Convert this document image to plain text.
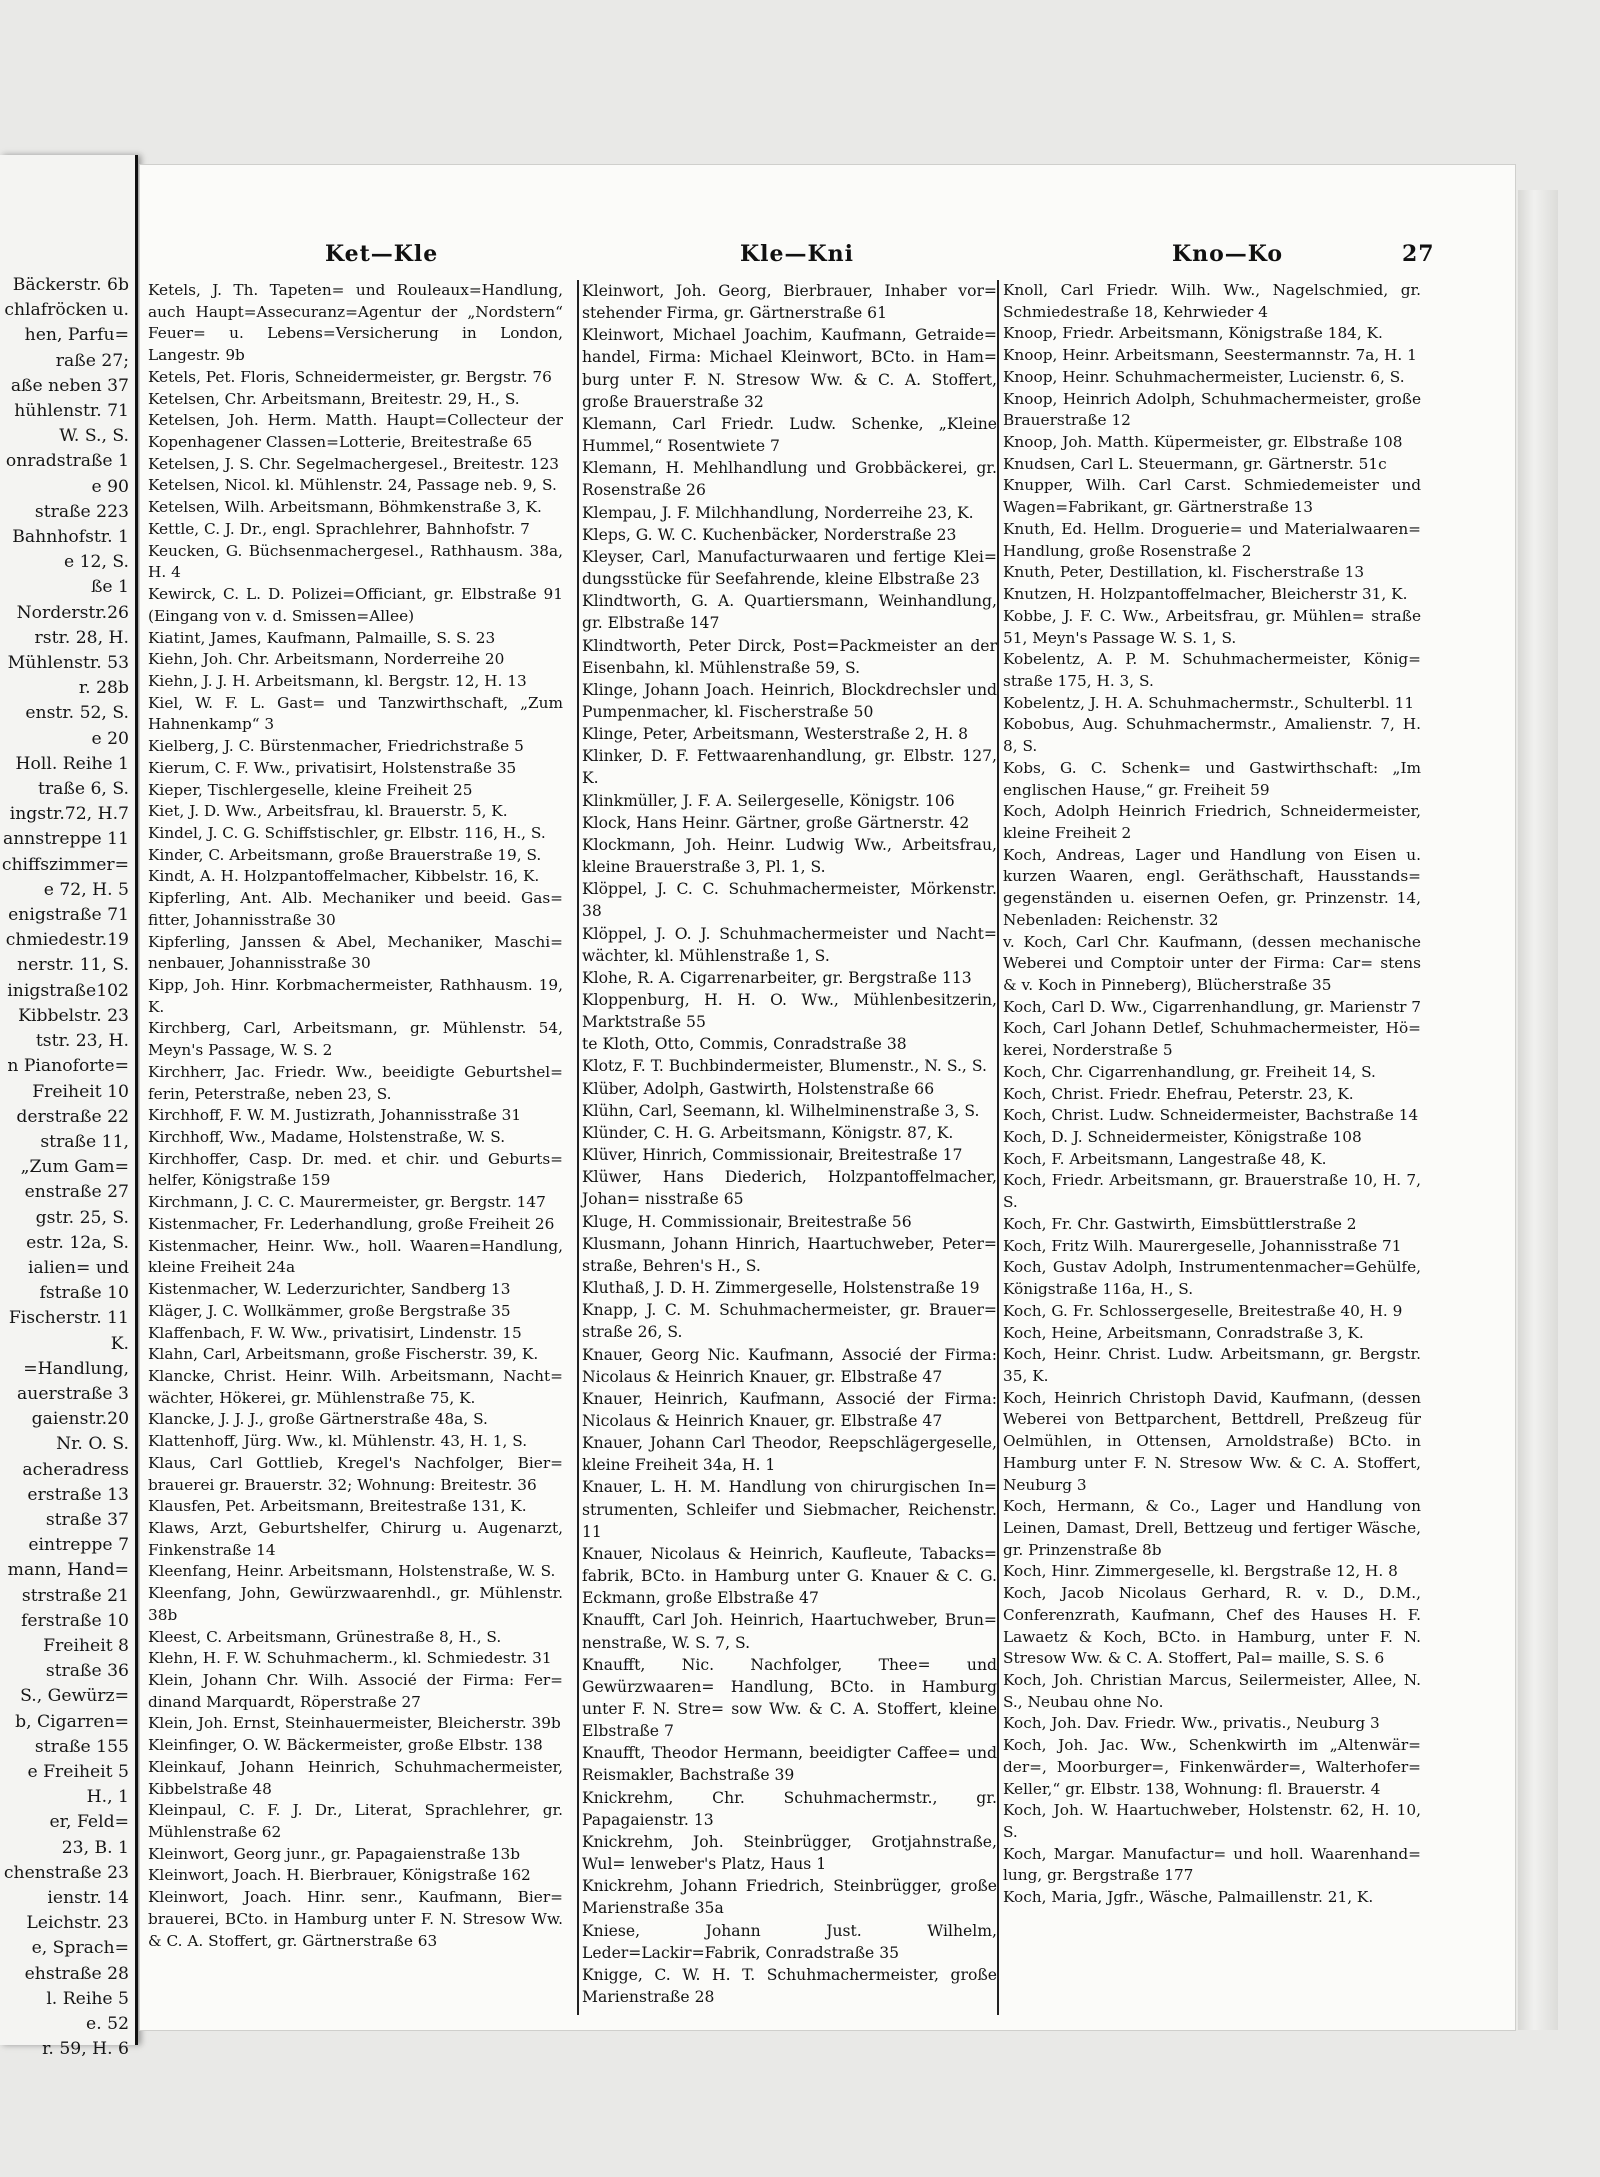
Bäckerstr. 6b
chlafröcken u.
hen, Parfu=
raße 27;
aße neben 37
hühlenstr. 71
W. S., S.
onradstraße 1
e 90
straße 223
Bahnhofstr. 1
e 12, S.
ße 1
Norderstr.26
rstr. 28, H.
Mühlenstr. 53
r. 28b
enstr. 52, S.
e 20
Holl. Reihe 1
traße 6, S.
ingstr.72, H.7
annstreppe 11
chiffszimmer=
e 72, H. 5
enigstraße 71
chmiedestr.19
nerstr. 11, S.
inigstraße102
Kibbelstr. 23
tstr. 23, H.
n Pianoforte=
Freiheit 10
derstraße 22
straße 11,
„Zum Gam=
enstraße 27
gstr. 25, S.
estr. 12a, S.
ialien= und
fstraße 10
Fischerstr. 11
K.
=Handlung,
auerstraße 3
gaienstr.20
Nr. O. S.
acheradress
erstraße 13
straße 37
eintreppe 7
mann, Hand=
strstraße 21
ferstraße 10
Freiheit 8
straße 36
S., Gewürz=
b, Cigarren=
straße 155
e Freiheit 5
H., 1
er, Feld=
23, B. 1
chenstraße 23
ienstr. 14
Leichstr. 23
e, Sprach=
ehstraße 28
l. Reihe 5
e. 52
r. 59, H. 6
Ket—Kle	Kle—Kni	Kno—Ko	27

Ketels, J. Th. Tapeten= und Rouleaux=Handlung, auch Haupt=Assecuranz=Agentur der „Nordstern“ Feuer= u. Lebens=Versicherung in London, Langestr. 9b

Ketels, Pet. Floris, Schneidermeister, gr. Bergstr. 76

Ketelsen, Chr. Arbeitsmann, Breitestr. 29, H., S.

Ketelsen, Joh. Herm. Matth. Haupt=Collecteur der Kopenhagener Classen=Lotterie, Breitestraße 65

Ketelsen, J. S. Chr. Segelmachergesel., Breitestr. 123

Ketelsen, Nicol. kl. Mühlenstr. 24, Passage neb. 9, S.

Ketelsen, Wilh. Arbeitsmann, Böhmkenstraße 3, K.

Kettle, C. J. Dr., engl. Sprachlehrer, Bahnhofstr. 7

Keucken, G. Büchsenmachergesel., Rathhausm. 38a, H. 4

Kewirck, C. L. D. Polizei=Officiant, gr. Elbstraße 91 (Eingang von v. d. Smissen=Allee)

Kiatint, James, Kaufmann, Palmaille, S. S. 23

Kiehn, Joh. Chr. Arbeitsmann, Norderreihe 20

Kiehn, J. J. H. Arbeitsmann, kl. Bergstr. 12, H. 13

Kiel, W. F. L. Gast= und Tanzwirthschaft, „Zum Hahnenkamp“ 3

Kielberg, J. C. Bürstenmacher, Friedrichstraße 5

Kierum, C. F. Ww., privatisirt, Holstenstraße 35

Kieper, Tischlergeselle, kleine Freiheit 25

Kiet, J. D. Ww., Arbeitsfrau, kl. Brauerstr. 5, K.

Kindel, J. C. G. Schiffstischler, gr. Elbstr. 116, H., S.

Kinder, C. Arbeitsmann, große Brauerstraße 19, S.

Kindt, A. H. Holzpantoffelmacher, Kibbelstr. 16, K.

Kipferling, Ant. Alb. Mechaniker und beeid. Gas= fitter, Johannisstraße 30

Kipferling, Janssen & Abel, Mechaniker, Maschi= nenbauer, Johannisstraße 30

Kipp, Joh. Hinr. Korbmachermeister, Rathhausm. 19, K.

Kirchberg, Carl, Arbeitsmann, gr. Mühlenstr. 54, Meyn's Passage, W. S. 2

Kirchherr, Jac. Friedr. Ww., beeidigte Geburtshel= ferin, Peterstraße, neben 23, S.

Kirchhoff, F. W. M. Justizrath, Johannisstraße 31

Kirchhoff, Ww., Madame, Holstenstraße, W. S.

Kirchhoffer, Casp. Dr. med. et chir. und Geburts= helfer, Königstraße 159

Kirchmann, J. C. C. Maurermeister, gr. Bergstr. 147

Kistenmacher, Fr. Lederhandlung, große Freiheit 26

Kistenmacher, Heinr. Ww., holl. Waaren=Handlung, kleine Freiheit 24a

Kistenmacher, W. Lederzurichter, Sandberg 13

Kläger, J. C. Wollkämmer, große Bergstraße 35

Klaffenbach, F. W. Ww., privatisirt, Lindenstr. 15

Klahn, Carl, Arbeitsmann, große Fischerstr. 39, K.

Klancke, Christ. Heinr. Wilh. Arbeitsmann, Nacht= wächter, Hökerei, gr. Mühlenstraße 75, K.

Klancke, J. J. J., große Gärtnerstraße 48a, S.

Klattenhoff, Jürg. Ww., kl. Mühlenstr. 43, H. 1, S.

Klaus, Carl Gottlieb, Kregel's Nachfolger, Bier= brauerei gr. Brauerstr. 32; Wohnung: Breitestr. 36

Klausfen, Pet. Arbeitsmann, Breitestraße 131, K.

Klaws, Arzt, Geburtshelfer, Chirurg u. Augenarzt, Finkenstraße 14

Kleenfang, Heinr. Arbeitsmann, Holstenstraße, W. S.

Kleenfang, John, Gewürzwaarenhdl., gr. Mühlenstr. 38b

Kleest, C. Arbeitsmann, Grünestraße 8, H., S.

Klehn, H. F. W. Schuhmacherm., kl. Schmiedestr. 31

Klein, Johann Chr. Wilh. Associé der Firma: Fer= dinand Marquardt, Röperstraße 27

Klein, Joh. Ernst, Steinhauermeister, Bleicherstr. 39b

Kleinfinger, O. W. Bäckermeister, große Elbstr. 138

Kleinkauf, Johann Heinrich, Schuhmachermeister, Kibbelstraße 48

Kleinpaul, C. F. J. Dr., Literat, Sprachlehrer, gr. Mühlenstraße 62

Kleinwort, Georg junr., gr. Papagaienstraße 13b

Kleinwort, Joach. H. Bierbrauer, Königstraße 162

Kleinwort, Joach. Hinr. senr., Kaufmann, Bier= brauerei, BCto. in Hamburg unter F. N. Stresow Ww. & C. A. Stoffert, gr. Gärtnerstraße 63

Kleinwort, Joh. Georg, Bierbrauer, Inhaber vor= stehender Firma, gr. Gärtnerstraße 61

Kleinwort, Michael Joachim, Kaufmann, Getraide= handel, Firma: Michael Kleinwort, BCto. in Ham= burg unter F. N. Stresow Ww. & C. A. Stoffert, große Brauerstraße 32

Klemann, Carl Friedr. Ludw. Schenke, „Kleine Hummel,“ Rosentwiete 7

Klemann, H. Mehlhandlung und Grobbäckerei, gr. Rosenstraße 26

Klempau, J. F. Milchhandlung, Norderreihe 23, K.

Kleps, G. W. C. Kuchenbäcker, Norderstraße 23

Kleyser, Carl, Manufacturwaaren und fertige Klei= dungsstücke für Seefahrende, kleine Elbstraße 23

Klindtworth, G. A. Quartiersmann, Weinhandlung, gr. Elbstraße 147

Klindtworth, Peter Dirck, Post=Packmeister an der Eisenbahn, kl. Mühlenstraße 59, S.

Klinge, Johann Joach. Heinrich, Blockdrechsler und Pumpenmacher, kl. Fischerstraße 50

Klinge, Peter, Arbeitsmann, Westerstraße 2, H. 8

Klinker, D. F. Fettwaarenhandlung, gr. Elbstr. 127, K.

Klinkmüller, J. F. A. Seilergeselle, Königstr. 106

Klock, Hans Heinr. Gärtner, große Gärtnerstr. 42

Klockmann, Joh. Heinr. Ludwig Ww., Arbeitsfrau, kleine Brauerstraße 3, Pl. 1, S.

Klöppel, J. C. C. Schuhmachermeister, Mörkenstr. 38

Klöppel, J. O. J. Schuhmachermeister und Nacht= wächter, kl. Mühlenstraße 1, S.

Klohe, R. A. Cigarrenarbeiter, gr. Bergstraße 113

Kloppenburg, H. H. O. Ww., Mühlenbesitzerin, Marktstraße 55

te Kloth, Otto, Commis, Conradstraße 38

Klotz, F. T. Buchbindermeister, Blumenstr., N. S., S.

Klüber, Adolph, Gastwirth, Holstenstraße 66

Klühn, Carl, Seemann, kl. Wilhelminenstraße 3, S.

Klünder, C. H. G. Arbeitsmann, Königstr. 87, K.

Klüver, Hinrich, Commissionair, Breitestraße 17

Klüwer, Hans Diederich, Holzpantoffelmacher, Johan= nisstraße 65

Kluge, H. Commissionair, Breitestraße 56

Klusmann, Johann Hinrich, Haartuchweber, Peter= straße, Behren's H., S.

Kluthaß, J. D. H. Zimmergeselle, Holstenstraße 19

Knapp, J. C. M. Schuhmachermeister, gr. Brauer= straße 26, S.

Knauer, Georg Nic. Kaufmann, Associé der Firma: Nicolaus & Heinrich Knauer, gr. Elbstraße 47

Knauer, Heinrich, Kaufmann, Associé der Firma: Nicolaus & Heinrich Knauer, gr. Elbstraße 47

Knauer, Johann Carl Theodor, Reepschlägergeselle, kleine Freiheit 34a, H. 1

Knauer, L. H. M. Handlung von chirurgischen In= strumenten, Schleifer und Siebmacher, Reichenstr. 11

Knauer, Nicolaus & Heinrich, Kaufleute, Tabacks= fabrik, BCto. in Hamburg unter G. Knauer & C. G. Eckmann, große Elbstraße 47

Knaufft, Carl Joh. Heinrich, Haartuchweber, Brun= nenstraße, W. S. 7, S.

Knaufft, Nic. Nachfolger, Thee= und Gewürzwaaren= Handlung, BCto. in Hamburg unter F. N. Stre= sow Ww. & C. A. Stoffert, kleine Elbstraße 7

Knaufft, Theodor Hermann, beeidigter Caffee= und Reismakler, Bachstraße 39

Knickrehm, Chr. Schuhmachermstr., gr. Papagaienstr. 13

Knickrehm, Joh. Steinbrügger, Grotjahnstraße, Wul= lenweber's Platz, Haus 1

Knickrehm, Johann Friedrich, Steinbrügger, große Marienstraße 35a

Kniese, Johann Just. Wilhelm, Leder=Lackir=Fabrik, Conradstraße 35

Knigge, C. W. H. T. Schuhmachermeister, große Marienstraße 28

Knoll, Carl Friedr. Wilh. Ww., Nagelschmied, gr. Schmiedestraße 18, Kehrwieder 4

Knoop, Friedr. Arbeitsmann, Königstraße 184, K.

Knoop, Heinr. Arbeitsmann, Seestermannstr. 7a, H. 1

Knoop, Heinr. Schuhmachermeister, Lucienstr. 6, S.

Knoop, Heinrich Adolph, Schuhmachermeister, große Brauerstraße 12

Knoop, Joh. Matth. Küpermeister, gr. Elbstraße 108

Knudsen, Carl L. Steuermann, gr. Gärtnerstr. 51c

Knupper, Wilh. Carl Carst. Schmiedemeister und Wagen=Fabrikant, gr. Gärtnerstraße 13

Knuth, Ed. Hellm. Droguerie= und Materialwaaren= Handlung, große Rosenstraße 2

Knuth, Peter, Destillation, kl. Fischerstraße 13

Knutzen, H. Holzpantoffelmacher, Bleicherstr 31, K.

Kobbe, J. F. C. Ww., Arbeitsfrau, gr. Mühlen= straße 51, Meyn's Passage W. S. 1, S.

Kobelentz, A. P. M. Schuhmachermeister, König= straße 175, H. 3, S.

Kobelentz, J. H. A. Schuhmachermstr., Schulterbl. 11

Kobobus, Aug. Schuhmachermstr., Amalienstr. 7, H. 8, S.

Kobs, G. C. Schenk= und Gastwirthschaft: „Im englischen Hause,“ gr. Freiheit 59

Koch, Adolph Heinrich Friedrich, Schneidermeister, kleine Freiheit 2

Koch, Andreas, Lager und Handlung von Eisen u. kurzen Waaren, engl. Geräthschaft, Hausstands= gegenständen u. eisernen Oefen, gr. Prinzenstr. 14, Nebenladen: Reichenstr. 32

v. Koch, Carl Chr. Kaufmann, (dessen mechanische Weberei und Comptoir unter der Firma: Car= stens & v. Koch in Pinneberg), Blücherstraße 35

Koch, Carl D. Ww., Cigarrenhandlung, gr. Marienstr 7

Koch, Carl Johann Detlef, Schuhmachermeister, Hö= kerei, Norderstraße 5

Koch, Chr. Cigarrenhandlung, gr. Freiheit 14, S.

Koch, Christ. Friedr. Ehefrau, Peterstr. 23, K.

Koch, Christ. Ludw. Schneidermeister, Bachstraße 14

Koch, D. J. Schneidermeister, Königstraße 108

Koch, F. Arbeitsmann, Langestraße 48, K.

Koch, Friedr. Arbeitsmann, gr. Brauerstraße 10, H. 7, S.

Koch, Fr. Chr. Gastwirth, Eimsbüttlerstraße 2

Koch, Fritz Wilh. Maurergeselle, Johannisstraße 71

Koch, Gustav Adolph, Instrumentenmacher=Gehülfe, Königstraße 116a, H., S.

Koch, G. Fr. Schlossergeselle, Breitestraße 40, H. 9

Koch, Heine, Arbeitsmann, Conradstraße 3, K.

Koch, Heinr. Christ. Ludw. Arbeitsmann, gr. Bergstr. 35, K.

Koch, Heinrich Christoph David, Kaufmann, (dessen Weberei von Bettparchent, Bettdrell, Preßzeug für Oelmühlen, in Ottensen, Arnoldstraße) BCto. in Hamburg unter F. N. Stresow Ww. & C. A. Stoffert, Neuburg 3

Koch, Hermann, & Co., Lager und Handlung von Leinen, Damast, Drell, Bettzeug und fertiger Wäsche, gr. Prinzenstraße 8b

Koch, Hinr. Zimmergeselle, kl. Bergstraße 12, H. 8

Koch, Jacob Nicolaus Gerhard, R. v. D., D.M., Conferenzrath, Kaufmann, Chef des Hauses H. F. Lawaetz & Koch, BCto. in Hamburg, unter F. N. Stresow Ww. & C. A. Stoffert, Pal= maille, S. S. 6

Koch, Joh. Christian Marcus, Seilermeister, Allee, N. S., Neubau ohne No.

Koch, Joh. Dav. Friedr. Ww., privatis., Neuburg 3

Koch, Joh. Jac. Ww., Schenkwirth im „Altenwär= der=, Moorburger=, Finkenwärder=, Walterhofer= Keller,“ gr. Elbstr. 138, Wohnung: fl. Brauerstr. 4

Koch, Joh. W. Haartuchweber, Holstenstr. 62, H. 10, S.

Koch, Margar. Manufactur= und holl. Waarenhand= lung, gr. Bergstraße 177

Koch, Maria, Jgfr., Wäsche, Palmaillenstr. 21, K.
